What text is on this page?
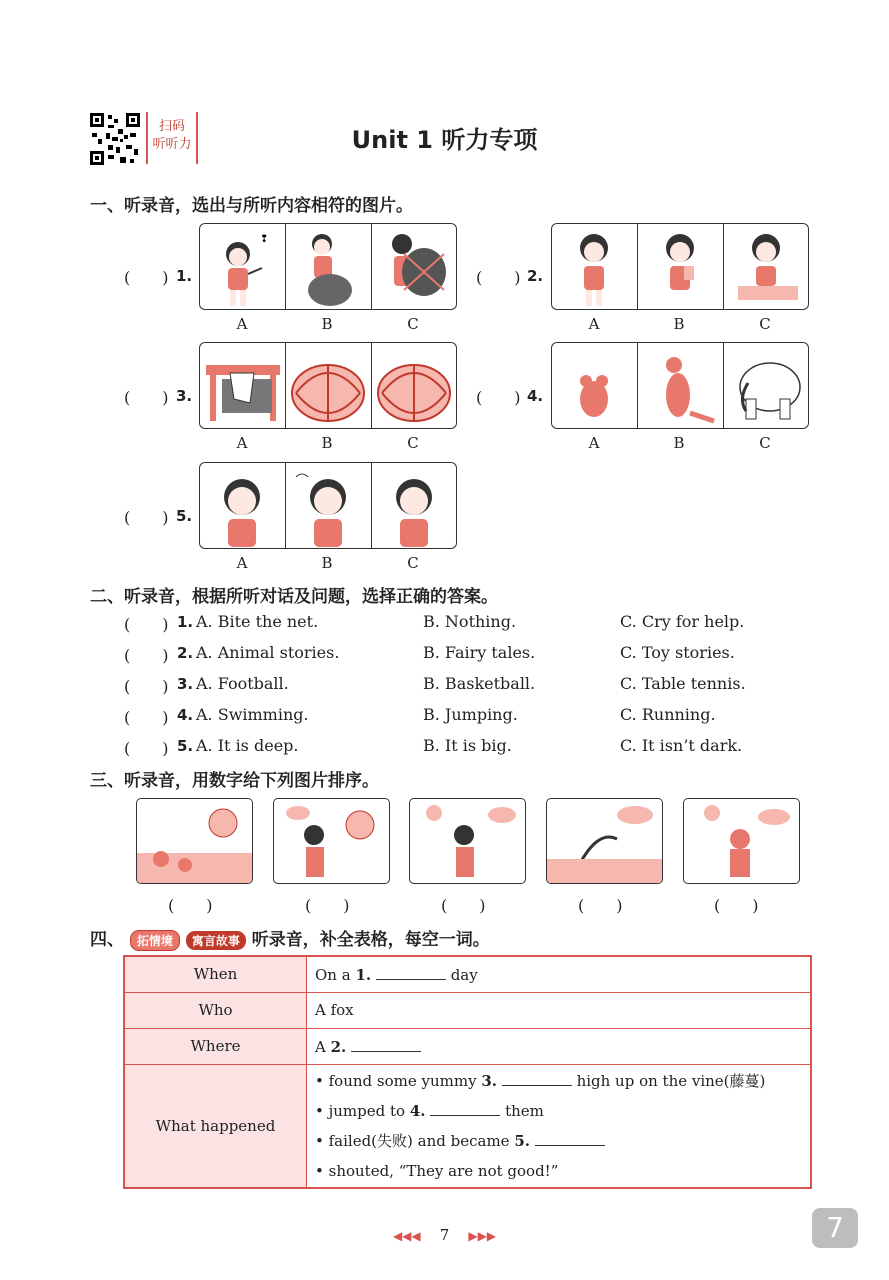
扫码
听听力	Unit 1 听力专项
一、听录音，选出与所听内容相符的图片。
(　　) 1.
❢
A	B	C
(　　) 2.
A	B	C
(　　) 3.
A	B	C
(　　) 4.
A	B	C
(　　) 5.
A	B	C
二、听录音，根据所听对话及问题，选择正确的答案。
(　　) 1. A. Bite the net.	B. Nothing.	C. Cry for help.
(　　) 2. A. Animal stories.	B. Fairy tales.	C. Toy stories.
(　　) 3. A. Football.	B. Basketball.	C. Table tennis.
(　　) 4. A. Swimming.	B. Jumping.	C. Running.
(　　) 5. A. It is deep.	B. It is big.	C. It isn’t dark.
三、听录音，用数字给下列图片排序。
(　　)	(　　)	(　　)	(　　)	(　　)
四、 拓情境 寓言故事 听录音，补全表格，每空一词。
When	On a 1. day
Who	A fox
Where	A 2.
What happened	• found some yummy 3. high up on the vine(藤蔓)
• jumped to 4. them
• failed(失败) and became 5.
• shouted, “They are not good!”
◀◀◀ 7 ▶▶▶	7
